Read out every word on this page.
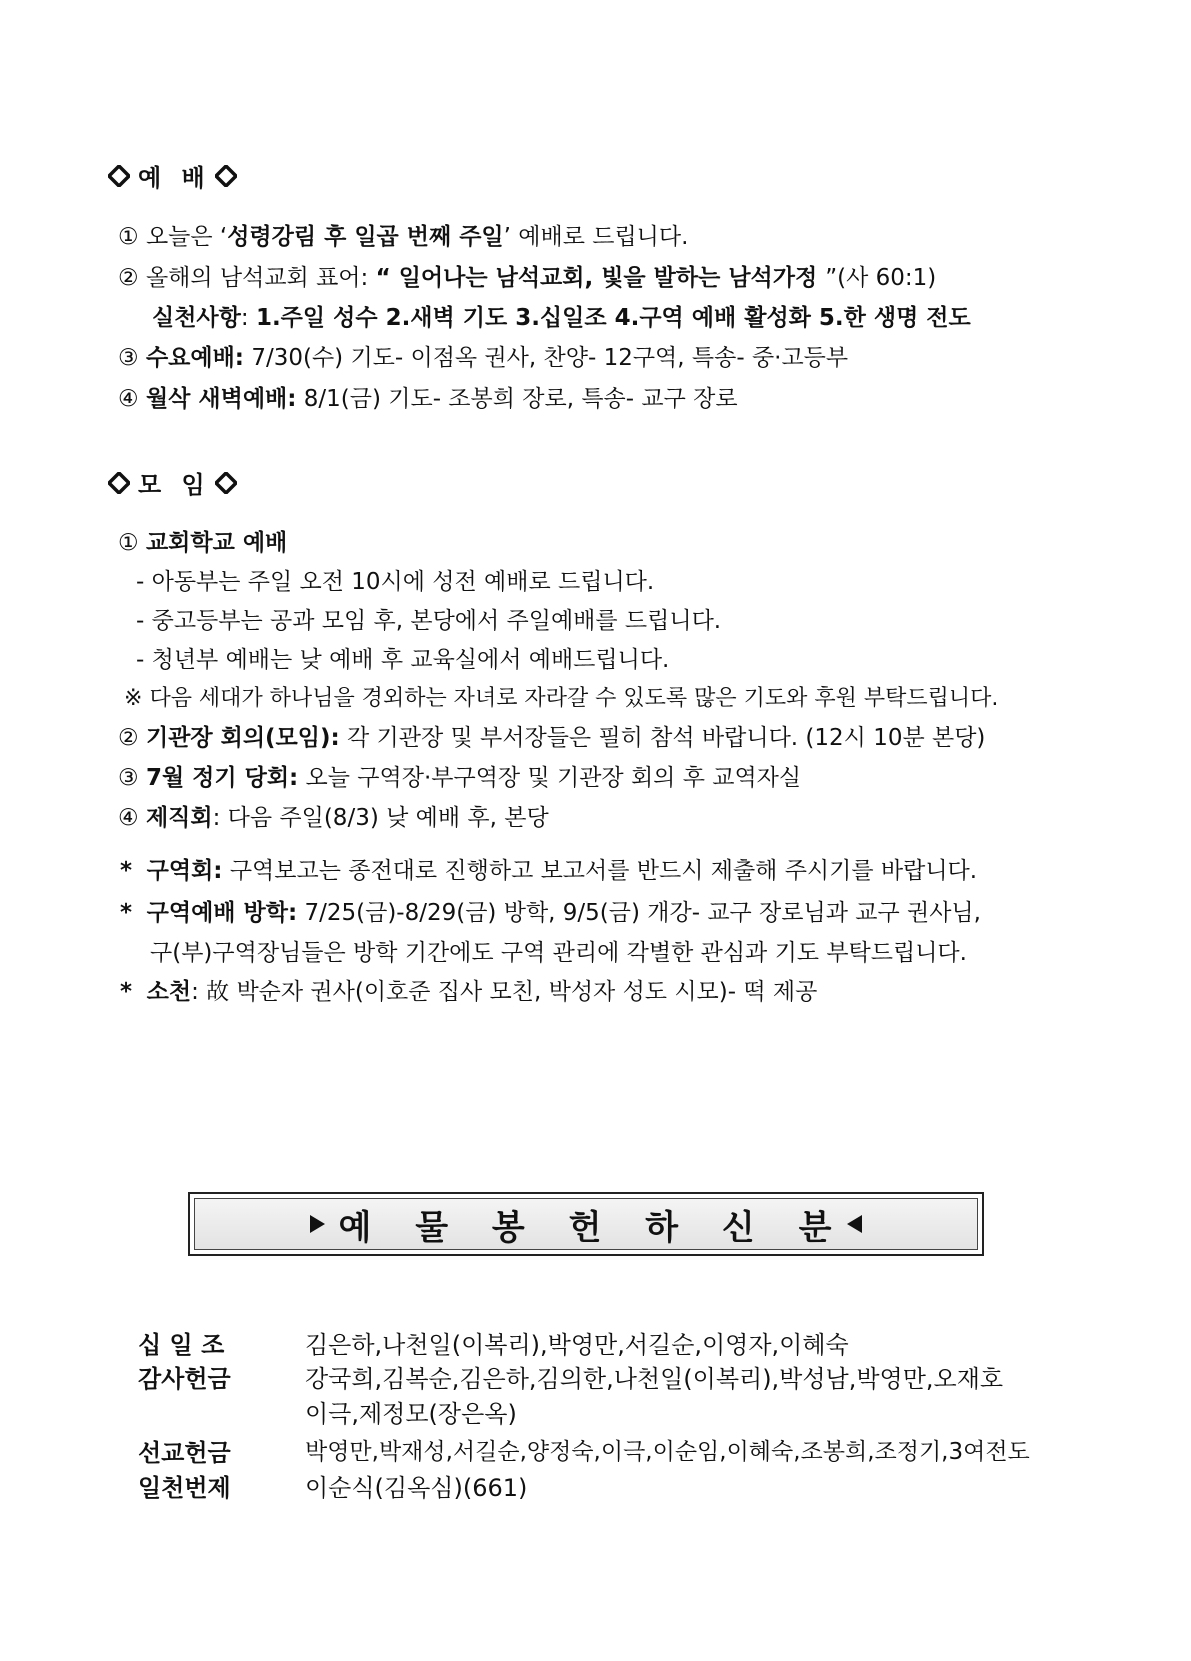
예 배
① 오늘은 ‘성령강림 후 일곱 번째 주일’ 예배로 드립니다.
② 올해의 남석교회 표어: “ 일어나는 남석교회, 빛을 발하는 남석가정 ”(사 60:1)
실천사항: 1.주일 성수 2.새벽 기도 3.십일조 4.구역 예배 활성화 5.한 생명 전도
③ 수요예배: 7/30(수) 기도- 이점옥 권사, 찬양- 12구역, 특송- 중·고등부
④ 월삭 새벽예배: 8/1(금) 기도- 조봉희 장로, 특송- 교구 장로
모 임
① 교회학교 예배
- 아동부는 주일 오전 10시에 성전 예배로 드립니다.
- 중고등부는 공과 모임 후, 본당에서 주일예배를 드립니다.
- 청년부 예배는 낮 예배 후 교육실에서 예배드립니다.
※ 다음 세대가 하나님을 경외하는 자녀로 자라갈 수 있도록 많은 기도와 후원 부탁드립니다.
② 기관장 회의(모임): 각 기관장 및 부서장들은 필히 참석 바랍니다. (12시 10분 본당)
③ 7월 정기 당회: 오늘 구역장·부구역장 및 기관장 회의 후 교역자실
④ 제직회: 다음 주일(8/3) 낮 예배 후, 본당
* 구역회: 구역보고는 종전대로 진행하고 보고서를 반드시 제출해 주시기를 바랍니다.
* 구역예배 방학: 7/25(금)-8/29(금) 방학, 9/5(금) 개강- 교구 장로님과 교구 권사님,
구(부)구역장님들은 방학 기간에도 구역 관리에 각별한 관심과 기도 부탁드립니다.
* 소천: 故 박순자 권사(이호준 집사 모친, 박성자 성도 시모)- 떡 제공
예 물 봉 헌 하 신 분
십 일 조	김은하,나천일(이복리),박영만,서길순,이영자,이혜숙
감사헌금	강국희,김복순,김은하,김의한,나천일(이복리),박성남,박영만,오재호
이극,제정모(장은옥)
선교헌금	박영만,박재성,서길순,양정숙,이극,이순임,이혜숙,조봉희,조정기,3여전도
일천번제	이순식(김옥심)(661)
